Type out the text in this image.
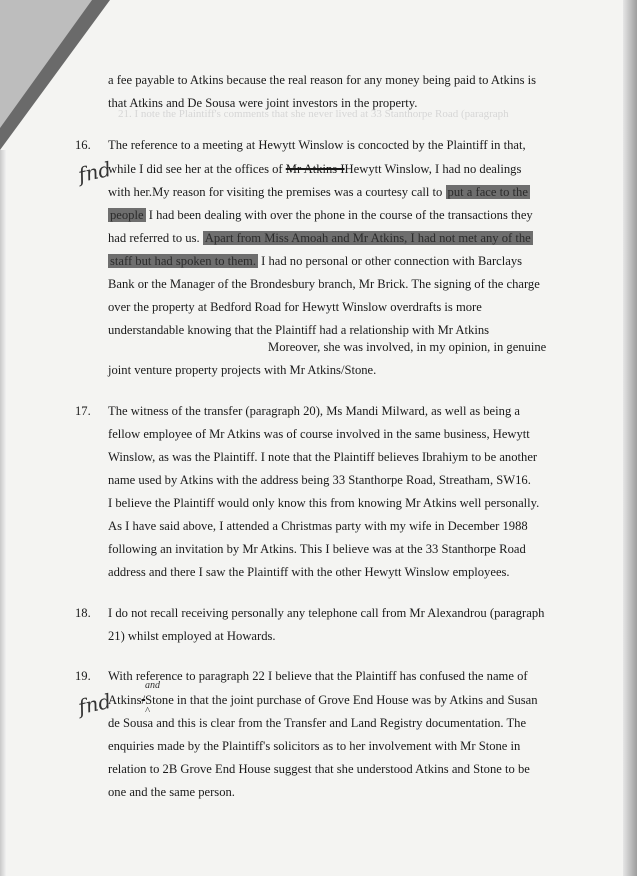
21. I note the Plaintiff's comments that she never lived at 33 Stanthorpe Road (paragraph
a fee payable to Atkins because the real reason for any money being paid to Atkins is
that Atkins and De Sousa were joint investors in the property.
16. The reference to a meeting at Hewytt Winslow is concocted by the Plaintiff in that,
fnd
while I did see her at the offices of Mr Atkins IHewytt Winslow, I had no dealings
with her.My reason for visiting the premises was a courtesy call to put a face to the
people I had been dealing with over the phone in the course of the transactions they
had referred to us. Apart from Miss Amoah and Mr Atkins, I had not met any of the
staff but had spoken to them. I had no personal or other connection with Barclays
Bank or the Manager of the Brondesbury branch, Mr Brick. The signing of the charge
over the property at Bedford Road for Hewytt Winslow overdrafts is more
understandable knowing that the Plaintiff had a relationship with Mr Atkins
Moreover, she was involved, in my opinion, in genuine
joint venture property projects with Mr Atkins/Stone.
17. The witness of the transfer (paragraph 20), Ms Mandi Milward, as well as being a
fellow employee of Mr Atkins was of course involved in the same business, Hewytt
Winslow, as was the Plaintiff. I note that the Plaintiff believes Ibrahiym to be another
name used by Atkins with the address being 33 Stanthorpe Road, Streatham, SW16.
I believe the Plaintiff would only know this from knowing Mr Atkins well personally.
As I have said above, I attended a Christmas party with my wife in December 1988
following an invitation by Mr Atkins. This I believe was at the 33 Stanthorpe Road
address and there I saw the Plaintiff with the other Hewytt Winslow employees.
18. I do not recall receiving personally any telephone call from Mr Alexandrou (paragraph
21) whilst employed at Howards.
19. With reference to paragraph 22 I believe that the Plaintiff has confused the name of
and
fnd
Atkins/Stone in that the joint purchase of Grove End House was by Atkins and Susan
^
de Sousa and this is clear from the Transfer and Land Registry documentation. The
enquiries made by the Plaintiff's solicitors as to her involvement with Mr Stone in
relation to 2B Grove End House suggest that she understood Atkins and Stone to be
one and the same person.
